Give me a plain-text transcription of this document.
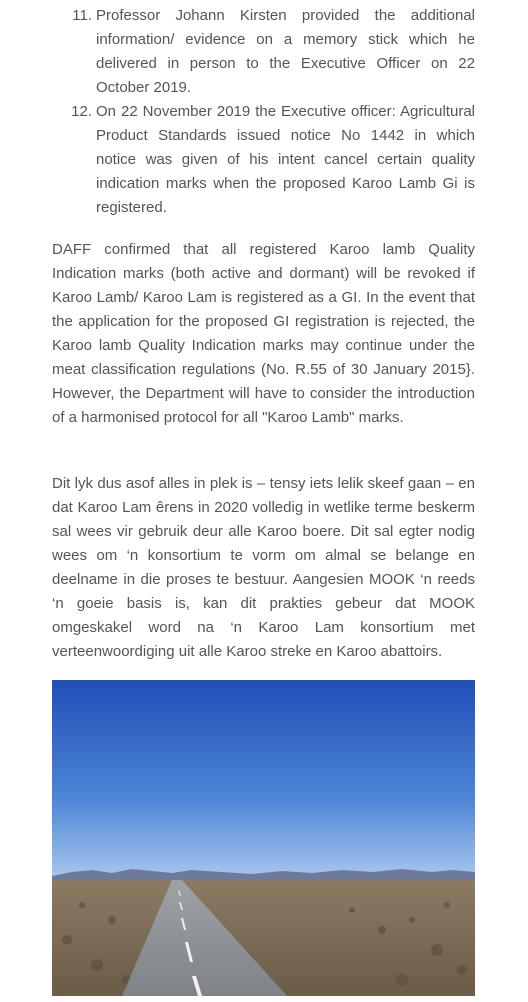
11. Professor Johann Kirsten provided the additional information/ evidence on a memory stick which he delivered in person to the Executive Officer on 22 October 2019.
12. On 22 November 2019 the Executive officer: Agricultural Product Standards issued notice No 1442 in which notice was given of his intent cancel certain quality indication marks when the proposed Karoo Lamb Gi is registered.

DAFF confirmed that all registered Karoo lamb Quality Indication marks (both active and dormant) will be revoked if Karoo Lamb/ Karoo Lam is registered as a GI. In the event that the application for the proposed GI registration is rejected, the Karoo lamb Quality Indication marks may continue under the meat classification regulations (No. R.55 of 30 January 2015}. However, the Department will have to consider the introduction of a harmonised protocol for all "Karoo Lamb" marks.

Dit lyk dus asof alles in plek is – tensy iets lelik skeef gaan – en dat Karoo Lam êrens in 2020 volledig in wetlike terme beskerm sal wees vir gebruik deur alle Karoo boere. Dit sal egter nodig wees om ‘n konsortium te vorm om almal se belange en deelname in die proses te bestuur. Aangesien MOOK ‘n reeds ‘n goeie basis is, kan dit prakties gebeur dat MOOK omgeskakel word na ‘n Karoo Lam konsortium met verteenwoordiging uit alle Karoo streke en Karoo abattoirs.
